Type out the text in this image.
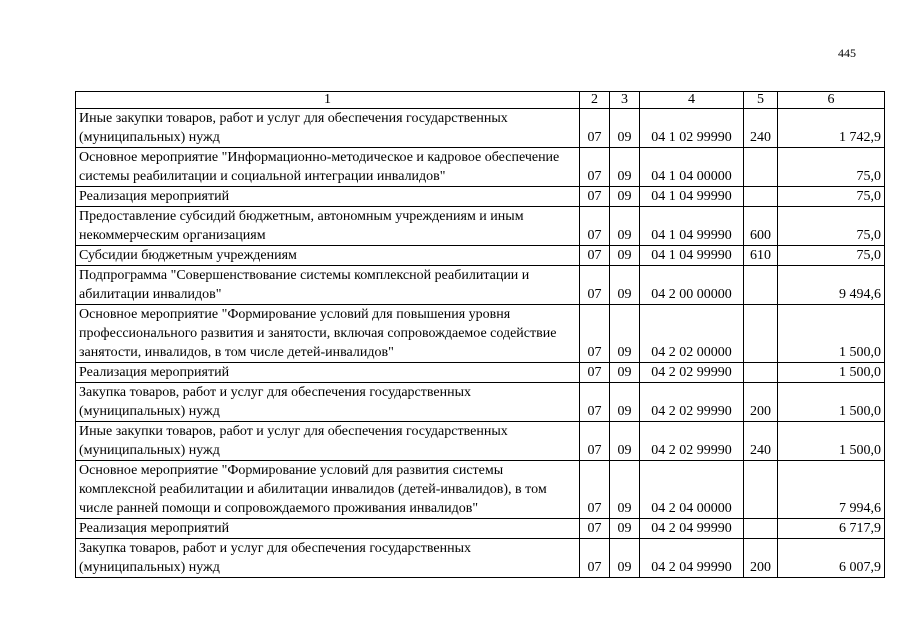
445
1	2	3	4	5	6
Иные закупки товаров, работ и услуг для обеспечения государственных (муниципальных) нужд	07	09	04 1 02 99990	240	1 742,9
Основное мероприятие "Информационно-методическое и кадровое обеспечение системы реабилитации и социальной интеграции инвалидов"	07	09	04 1 04 00000		75,0
Реализация мероприятий	07	09	04 1 04 99990		75,0
Предоставление субсидий бюджетным, автономным учреждениям и иным некоммерческим организациям	07	09	04 1 04 99990	600	75,0
Субсидии бюджетным учреждениям	07	09	04 1 04 99990	610	75,0
Подпрограмма "Совершенствование системы комплексной реабилитации и абилитации инвалидов"	07	09	04 2 00 00000		9 494,6
Основное мероприятие "Формирование условий для повышения уровня профессионального развития и занятости, включая сопровождаемое содействие занятости, инвалидов, в том числе детей-инвалидов"	07	09	04 2 02 00000		1 500,0
Реализация мероприятий	07	09	04 2 02 99990		1 500,0
Закупка товаров, работ и услуг для обеспечения государственных (муниципальных) нужд	07	09	04 2 02 99990	200	1 500,0
Иные закупки товаров, работ и услуг для обеспечения государственных (муниципальных) нужд	07	09	04 2 02 99990	240	1 500,0
Основное мероприятие "Формирование условий для развития системы комплексной реабилитации и абилитации инвалидов (детей-инвалидов), в том числе ранней помощи и сопровождаемого проживания инвалидов"	07	09	04 2 04 00000		7 994,6
Реализация мероприятий	07	09	04 2 04 99990		6 717,9
Закупка товаров, работ и услуг для обеспечения государственных (муниципальных) нужд	07	09	04 2 04 99990	200	6 007,9
